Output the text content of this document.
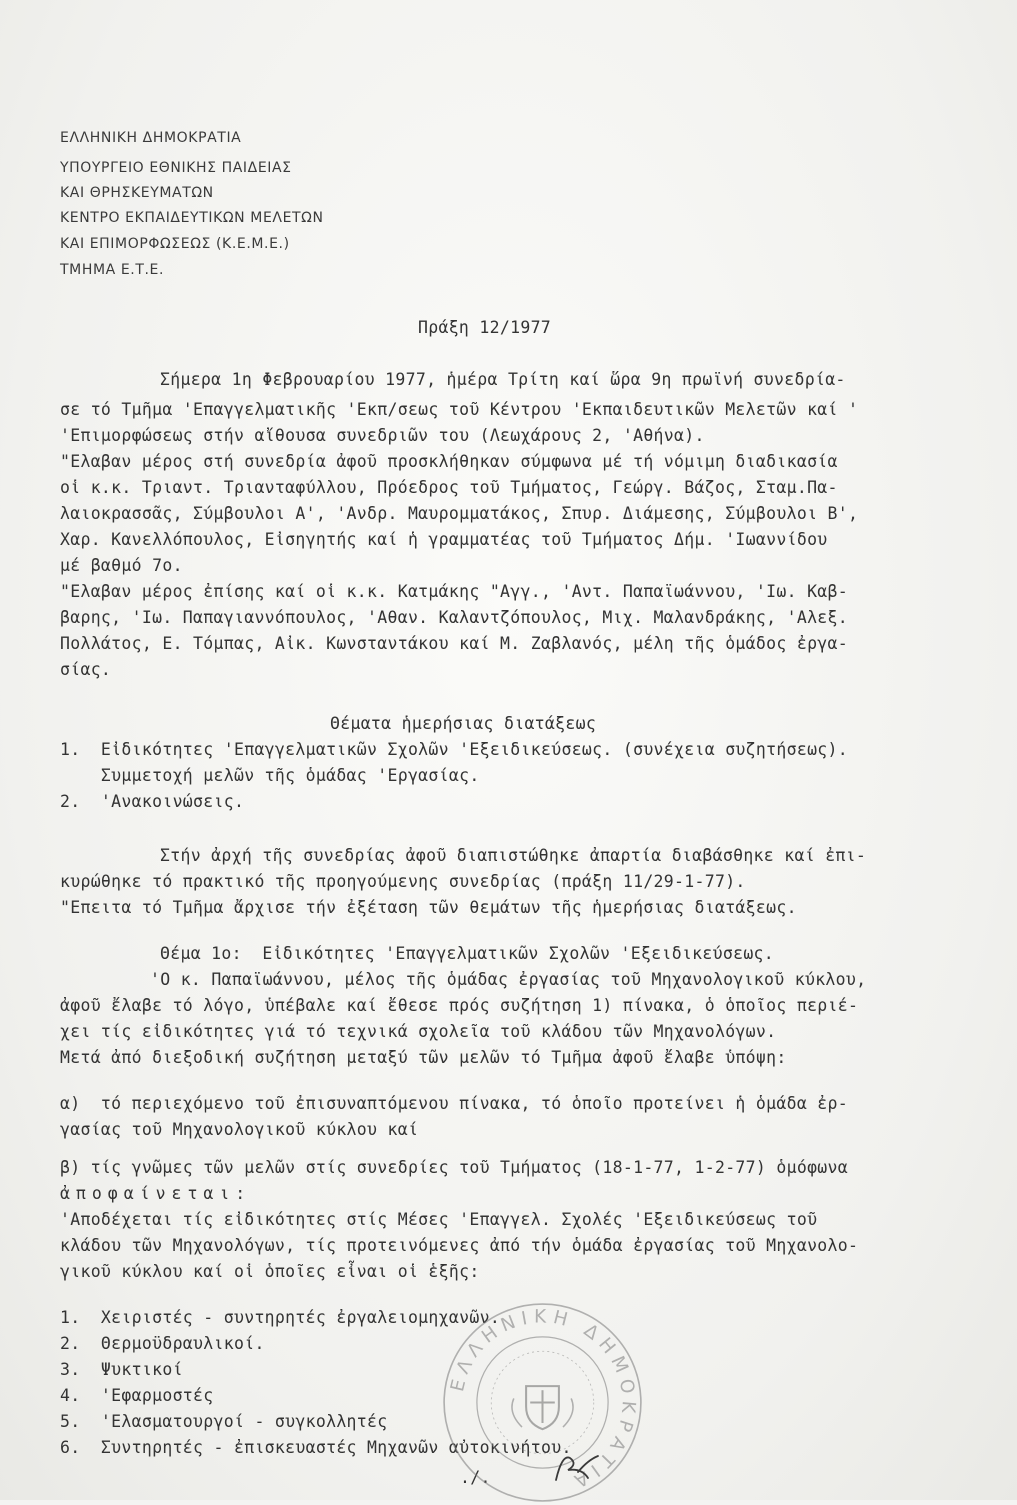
ΕΛΛΗΝΙΚΗ ΔΗΜΟΚΡΑΤΙΑ
ΥΠΟΥΡΓΕΙΟ ΕΘΝΙΚΗΣ ΠΑΙΔΕΙΑΣ
ΚΑΙ ΘΡΗΣΚΕΥΜΑΤΩΝ
ΚΕΝΤΡΟ ΕΚΠΑΙΔΕΥΤΙΚΩΝ ΜΕΛΕΤΩΝ
ΚΑΙ ΕΠΙΜΟΡΦΩΣΕΩΣ (Κ.Ε.Μ.Ε.)
ΤΜΗΜΑ Ε.Τ.Ε.
Πράξη 12/1977
Σήμερα 1η Φεβρουαρίου 1977, ἡμέρα Τρίτη καί ὥρα 9η πρωϊνή συνεδρία-
σε τό Τμῆμα 'Επαγγελματικῆς 'Εκπ/σεως τοῦ Κέντρου 'Εκπαιδευτικῶν Μελετῶν καί '
'Επιμορφώσεως στήν αἴθουσα συνεδριῶν του (Λεωχάρους 2, 'Αθήνα).
"Ελαβαν μέρος στή συνεδρία ἀφοῦ προσκλήθηκαν σύμφωνα μέ τή νόμιμη διαδικασία
οἱ κ.κ. Τριαντ. Τριανταφύλλου, Πρόεδρος τοῦ Τμήματος, Γεώργ. Βάζος, Σταμ.Πα-
λαιοκρασσᾶς, Σύμβουλοι Α', 'Ανδρ. Μαυρομματάκος, Σπυρ. Διάμεσης, Σύμβουλοι Β',
Χαρ. Κανελλόπουλος, Εἰσηγητής καί ἡ γραμματέας τοῦ Τμήματος Δήμ. 'Ιωαννίδου
μέ βαθμό 7ο.
"Ελαβαν μέρος ἐπίσης καί οἱ κ.κ. Κατμάκης "Αγγ., 'Αντ. Παπαϊωάννου, 'Ιω. Καβ-
βαρης, 'Ιω. Παπαγιαννόπουλος, 'Αθαν. Καλαντζόπουλος, Μιχ. Μαλανδράκης, 'Αλεξ.
Πολλάτος, Ε. Τόμπας, Αἰκ. Κωνσταντάκου καί Μ. Ζαβλανός, μέλη τῆς ὁμάδος ἐργα-
σίας.
Θέματα ἡμερήσιας διατάξεως
1.  Εἰδικότητες 'Επαγγελματικῶν Σχολῶν 'Εξειδικεύσεως. (συνέχεια συζητήσεως).
Συμμετοχή μελῶν τῆς ὁμάδας 'Εργασίας.
2.  'Ανακοινώσεις.
Στήν ἀρχή τῆς συνεδρίας ἀφοῦ διαπιστώθηκε ἀπαρτία διαβάσθηκε καί ἐπι-
κυρώθηκε τό πρακτικό τῆς προηγούμενης συνεδρίας (πράξη 11/29-1-77).
"Επειτα τό Τμῆμα ἄρχισε τήν ἐξέταση τῶν θεμάτων τῆς ἡμερήσιας διατάξεως.
Θέμα 1ο:  Εἰδικότητες 'Επαγγελματικῶν Σχολῶν 'Εξειδικεύσεως.
'Ο κ. Παπαϊωάννου, μέλος τῆς ὁμάδας ἐργασίας τοῦ Μηχανολογικοῦ κύκλου,
ἀφοῦ ἔλαβε τό λόγο, ὑπέβαλε καί ἔθεσε πρός συζήτηση 1) πίνακα, ὁ ὁποῖος περιέ-
χει τίς εἰδικότητες γιά τό τεχνικά σχολεῖα τοῦ κλάδου τῶν Μηχανολόγων.
Μετά ἀπό διεξοδική συζήτηση μεταξύ τῶν μελῶν τό Τμῆμα ἀφοῦ ἔλαβε ὑπόψη:
α)  τό περιεχόμενο τοῦ ἐπισυναπτόμενου πίνακα, τό ὁποῖο προτείνει ἡ ὁμάδα ἐρ-
γασίας τοῦ Μηχανολογικοῦ κύκλου καί
β) τίς γνῶμες τῶν μελῶν στίς συνεδρίες τοῦ Τμήματος (18-1-77, 1-2-77) ὁμόφωνα
ἀποφαίνεται:
'Αποδέχεται τίς εἰδικότητες στίς Μέσες 'Επαγγελ. Σχολές 'Εξειδικεύσεως τοῦ
κλάδου τῶν Μηχανολόγων, τίς προτεινόμενες ἀπό τήν ὁμάδα ἐργασίας τοῦ Μηχανολο-
γικοῦ κύκλου καί οἱ ὁποῖες εἶναι οἱ ἑξῆς:
1.  Χειριστές - συντηρητές ἐργαλειομηχανῶν.
2.  Θερμοϋδραυλικοί.
3.  Ψυκτικοί
4.  'Εφαρμοστές
5.  'Ελασματουργοί - συγκολλητές
6.  Συντηρητές - ἐπισκευαστές Μηχανῶν αὐτοκινήτου.
./.
ΕΛΛΗΝΙΚΗ ΔΗΜΟΚΡΑΤΙΑ
